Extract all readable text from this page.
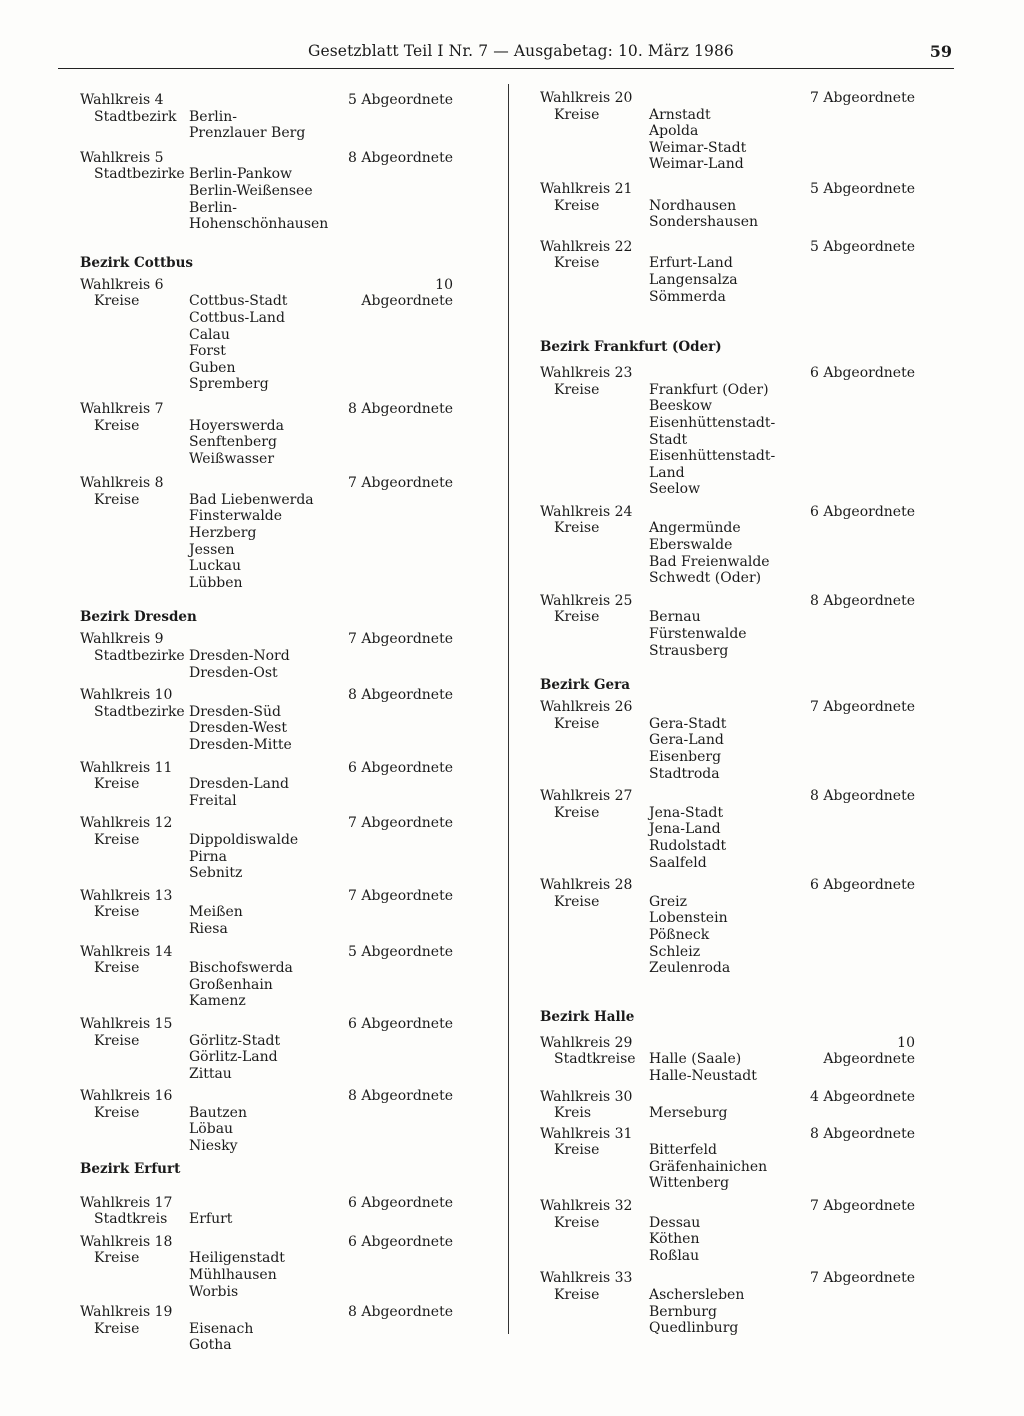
Gesetzblatt Teil I Nr. 7 — Ausgabetag: 10. März 1986	59
Wahlkreis 4	5 Abgeordnete
Stadtbezirk Berlin-
Prenzlauer Berg
Wahlkreis 5	8 Abgeordnete
Stadtbezirke Berlin-Pankow
Berlin-Weißensee
Berlin-
Hohenschönhausen
Bezirk Cottbus
Wahlkreis 6	10 Abgeordnete
Kreise	Cottbus-Stadt
Cottbus-Land
Calau
Forst
Guben
Spremberg
Wahlkreis 7	8 Abgeordnete
Kreise	Hoyerswerda
Senftenberg
Weißwasser
Wahlkreis 8	7 Abgeordnete
Kreise	Bad Liebenwerda
Finsterwalde
Herzberg
Jessen
Luckau
Lübben
Bezirk Dresden
Wahlkreis 9	7 Abgeordnete
Stadtbezirke Dresden-Nord
Dresden-Ost
Wahlkreis 10	8 Abgeordnete
Stadtbezirke Dresden-Süd
Dresden-West
Dresden-Mitte
Wahlkreis 11	6 Abgeordnete
Kreise	Dresden-Land
Freital
Wahlkreis 12	7 Abgeordnete
Kreise	Dippoldiswalde
Pirna
Sebnitz
Wahlkreis 13	7 Abgeordnete
Kreise	Meißen
Riesa
Wahlkreis 14	5 Abgeordnete
Kreise	Bischofswerda
Großenhain
Kamenz
Wahlkreis 15	6 Abgeordnete
Kreise	Görlitz-Stadt
Görlitz-Land
Zittau
Wahlkreis 16	8 Abgeordnete
Kreise	Bautzen
Löbau
Niesky
Bezirk Erfurt
Wahlkreis 17	6 Abgeordnete
Stadtkreis Erfurt
Wahlkreis 18	6 Abgeordnete
Kreise	Heiligenstadt
Mühlhausen
Worbis
Wahlkreis 19	8 Abgeordnete
Kreise	Eisenach
Gotha
Wahlkreis 20	7 Abgeordnete
Kreise	Arnstadt
Apolda
Weimar-Stadt
Weimar-Land
Wahlkreis 21	5 Abgeordnete
Kreise	Nordhausen
Sondershausen
Wahlkreis 22	5 Abgeordnete
Kreise	Erfurt-Land
Langensalza
Sömmerda
Bezirk Frankfurt (Oder)
Wahlkreis 23	6 Abgeordnete
Kreise	Frankfurt (Oder)
Beeskow
Eisenhüttenstadt-
Stadt
Eisenhüttenstadt-
Land
Seelow
Wahlkreis 24	6 Abgeordnete
Kreise	Angermünde
Eberswalde
Bad Freienwalde
Schwedt (Oder)
Wahlkreis 25	8 Abgeordnete
Kreise	Bernau
Fürstenwalde
Strausberg
Bezirk Gera
Wahlkreis 26	7 Abgeordnete
Kreise	Gera-Stadt
Gera-Land
Eisenberg
Stadtroda
Wahlkreis 27	8 Abgeordnete
Kreise	Jena-Stadt
Jena-Land
Rudolstadt
Saalfeld
Wahlkreis 28	6 Abgeordnete
Kreise	Greiz
Lobenstein
Pößneck
Schleiz
Zeulenroda
Bezirk Halle
Wahlkreis 29	10 Abgeordnete
Stadtkreise Halle (Saale)
Halle-Neustadt
Wahlkreis 30	4 Abgeordnete
Kreis	Merseburg
Wahlkreis 31	8 Abgeordnete
Kreise	Bitterfeld
Gräfenhainichen
Wittenberg
Wahlkreis 32	7 Abgeordnete
Kreise	Dessau
Köthen
Roßlau
Wahlkreis 33	7 Abgeordnete
Kreise	Aschersleben
Bernburg
Quedlinburg
